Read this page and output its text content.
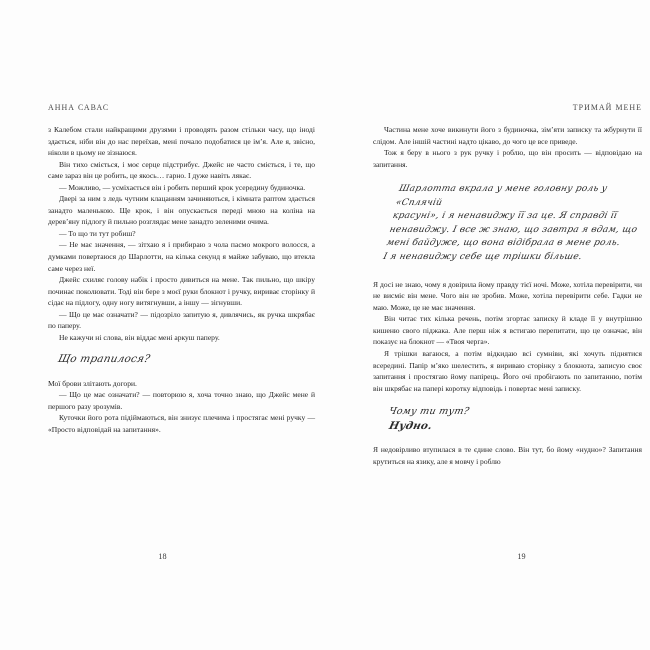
АННА САВАС

з Калебом стали найкращими друзями і проводять разом стільки часу, що іноді здається, ніби він до нас переїхав, мені почало подобатися це ім’я. Але я, звісно, ніколи в цьому не зізнаюся.

Він тихо сміється, і моє серце підстрибує. Джейс не часто сміється, і те, що саме зараз він це робить, це якось… гарно. І дуже навіть лякає.

— Можливо, — усміхається він і робить перший крок усередину будиночка.

Двері за ним з ледь чутним клацанням зачиняються, і кімната раптом здається занадто маленькою. Ще крок, і він опускається переді мною на коліна на дерев’яну підлогу й пильно розглядає мене занадто зеленими очима.

— То що ти тут робиш?

— Не має значення, — зітхаю я і прибираю з чола пасмо мокрого волосся, а думками повертаюся до Шарлотти, на кілька секунд я майже забуваю, що втекла саме через неї.

Джейс схиляє голову набік і просто дивиться на мене. Так пильно, що шкіру починає поколювати. Тоді він бере з моєї руки блокнот і ручку, вириває сторінку й сідає на підлогу, одну ногу витягнувши, а іншу — зігнувши.

— Що це має означати? — підозріло запитую я, дивлячись, як ручка шкрябає по паперу.

Не кажучи ні слова, він віддає мені аркуш паперу.

Що трапилося?

Мої брови злітають догори.

— Що це має означати? — повторюю я, хоча точно знаю, що Джейс мене й першого разу зрозумів.

Куточки його рота підіймаються, він знизує плечима і простягає мені ручку — «Просто відповідай на запитання».

18
ТРИМАЙ МЕНЕ

Частина мене хоче викинути його з будиночка, зім’яти записку та жбурнути її слідом. Але іншій частині надто цікаво, до чого це все приведе.

Тож я беру в нього з рук ручку і роблю, що він просить — відповідаю на запитання.

Шарлотта вкрала у мене головну роль у «Сплячій
красуні», і я ненавиджу її за це. Я справді її
ненавиджу. І все ж знаю, що завтра я вдам, що
мені байдуже, що вона відібрала в мене роль.
І я ненавиджу себе ще трішки більше.

Я досі не знаю, чому я довірила йому правду тієї ночі. Може, хотіла перевірити, чи не висміє він мене. Чого він не зробив. Може, хотіла перевірити себе. Гадки не маю. Може, це не має значення.

Він читає тих кілька речень, потім згортає записку й кладе її у внутрішню кишеню свого піджака. Але перш ніж я встигаю перепитати, що це означає, він показує на блокнот — «Твоя черга».

Я трішки вагаюся, а потім відкидаю всі сумніви, які хочуть піднятися всередині. Папір м’яко шелестить, я вириваю сторінку з блокнота, записую своє запитання і простягаю йому папірець. Його очі пробігають по запитанню, потім він шкрябає на папері коротку відповідь і повертає мені записку.

Чому ти тут?
Нудно.

Я недовірливо втупилася в те єдине слово. Він тут, бо йому «нудно»? Запитання крутиться на язику, але я мовчу і роблю

19
